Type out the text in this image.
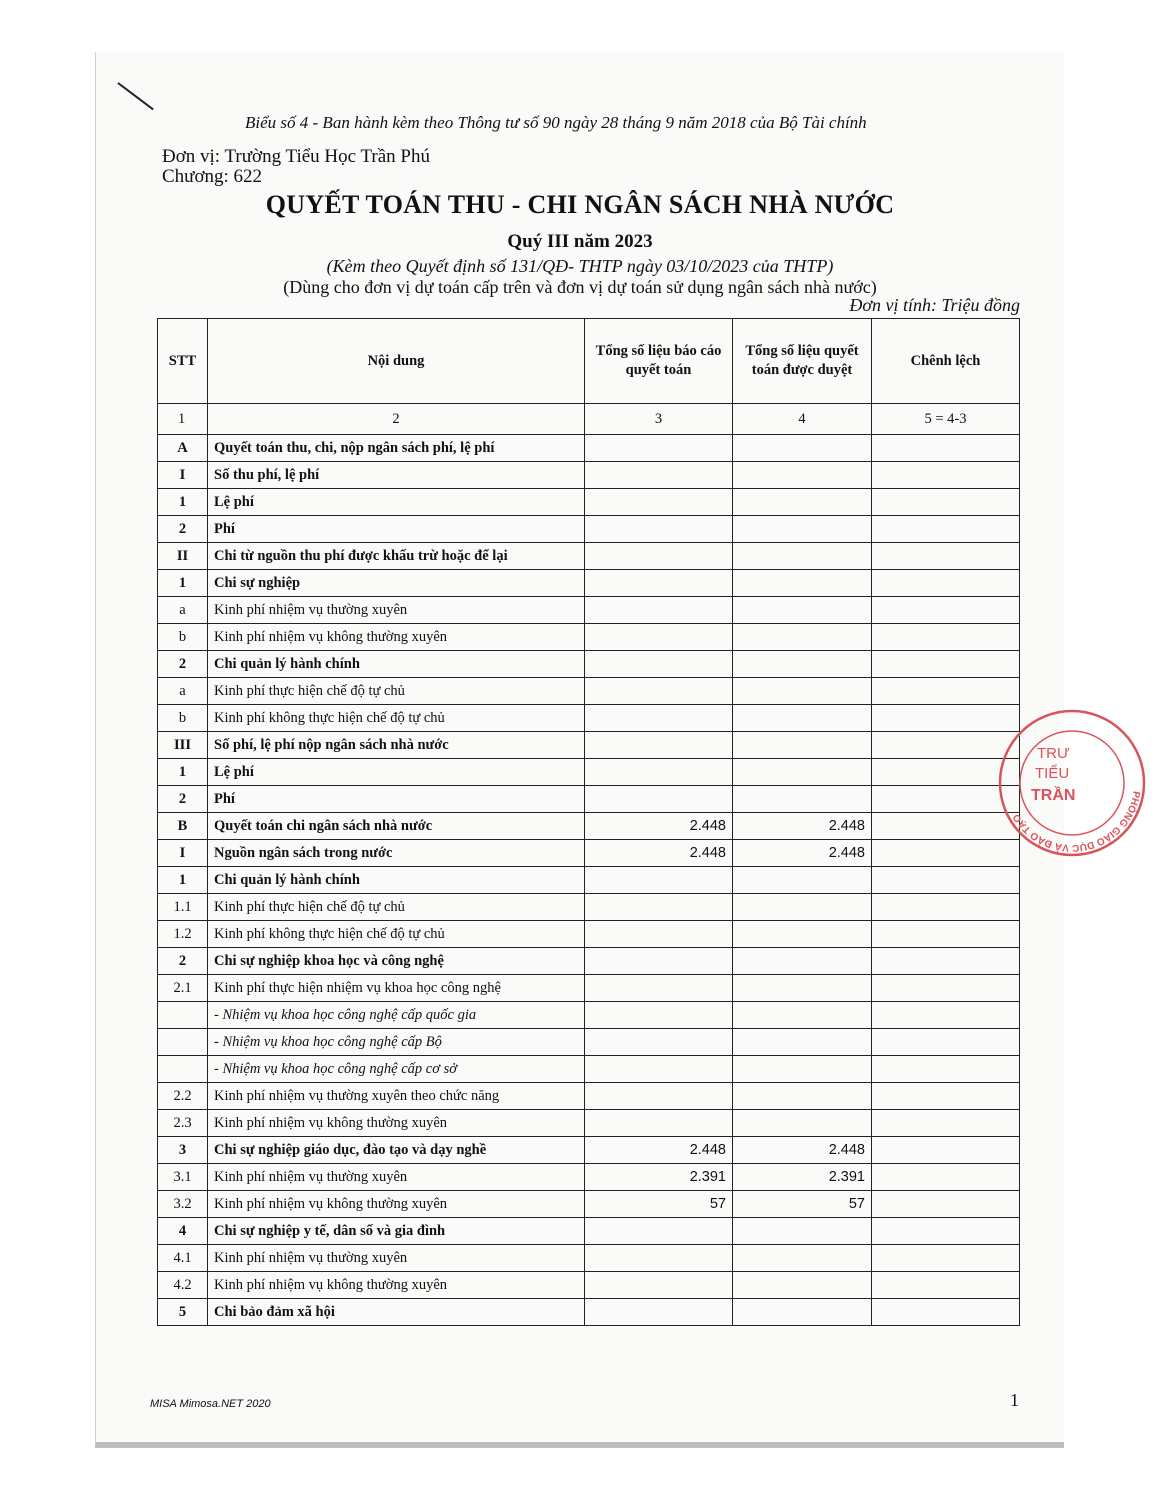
Biểu số 4 - Ban hành kèm theo Thông tư số 90 ngày 28 tháng 9 năm 2018 của Bộ Tài chính
Đơn vị: Trường Tiểu Học Trần Phú
Chương: 622
QUYẾT TOÁN THU - CHI NGÂN SÁCH NHÀ NƯỚC
Quý III năm 2023
(Kèm theo Quyết định số 131/QĐ- THTP ngày 03/10/2023 của THTP)
(Dùng cho đơn vị dự toán cấp trên và đơn vị dự toán sử dụng ngân sách nhà nước)
Đơn vị tính: Triệu đồng
STT	Nội dung	Tổng số liệu báo cáo quyết toán	Tổng số liệu quyết toán được duyệt	Chênh lệch
1	2	3	4	5 = 4-3
A	Quyết toán thu, chi, nộp ngân sách phí, lệ phí			
I	Số thu phí, lệ phí			
1	Lệ phí			
2	Phí			
II	Chi từ nguồn thu phí được khấu trừ hoặc để lại			
1	Chi sự nghiệp			
a	Kinh phí nhiệm vụ thường xuyên			
b	Kinh phí nhiệm vụ không thường xuyên			
2	Chi quản lý hành chính			
a	Kinh phí thực hiện chế độ tự chủ			
b	Kinh phí không thực hiện chế độ tự chủ			
III	Số phí, lệ phí nộp ngân sách nhà nước			
1	Lệ phí			
2	Phí			
B	Quyết toán chi ngân sách nhà nước	2.448	2.448	
I	Nguồn ngân sách trong nước	2.448	2.448	
1	Chi quản lý hành chính			
1.1	Kinh phí thực hiện chế độ tự chủ			
1.2	Kinh phí không thực hiện chế độ tự chủ			
2	Chi sự nghiệp khoa học và công nghệ			
2.1	Kinh phí thực hiện nhiệm vụ khoa học công nghệ			
	- Nhiệm vụ khoa học công nghệ cấp quốc gia			
	- Nhiệm vụ khoa học công nghệ cấp Bộ			
	- Nhiệm vụ khoa học công nghệ cấp cơ sở			
2.2	Kinh phí nhiệm vụ thường xuyên theo chức năng			
2.3	Kinh phí nhiệm vụ không thường xuyên			
3	Chi sự nghiệp giáo dục, đào tạo và dạy nghề	2.448	2.448	
3.1	Kinh phí nhiệm vụ thường xuyên	2.391	2.391	
3.2	Kinh phí nhiệm vụ không thường xuyên	57	57	
4	Chi sự nghiệp y tế, dân số và gia đình			
4.1	Kinh phí nhiệm vụ thường xuyên			
4.2	Kinh phí nhiệm vụ không thường xuyên			
5	Chi bảo đảm xã hội			
MISA Mimosa.NET 2020	1
PHÒNG GIÁO DỤC VÀ ĐÀO TẠO
TRƯ
TIỂU
TRẦN
